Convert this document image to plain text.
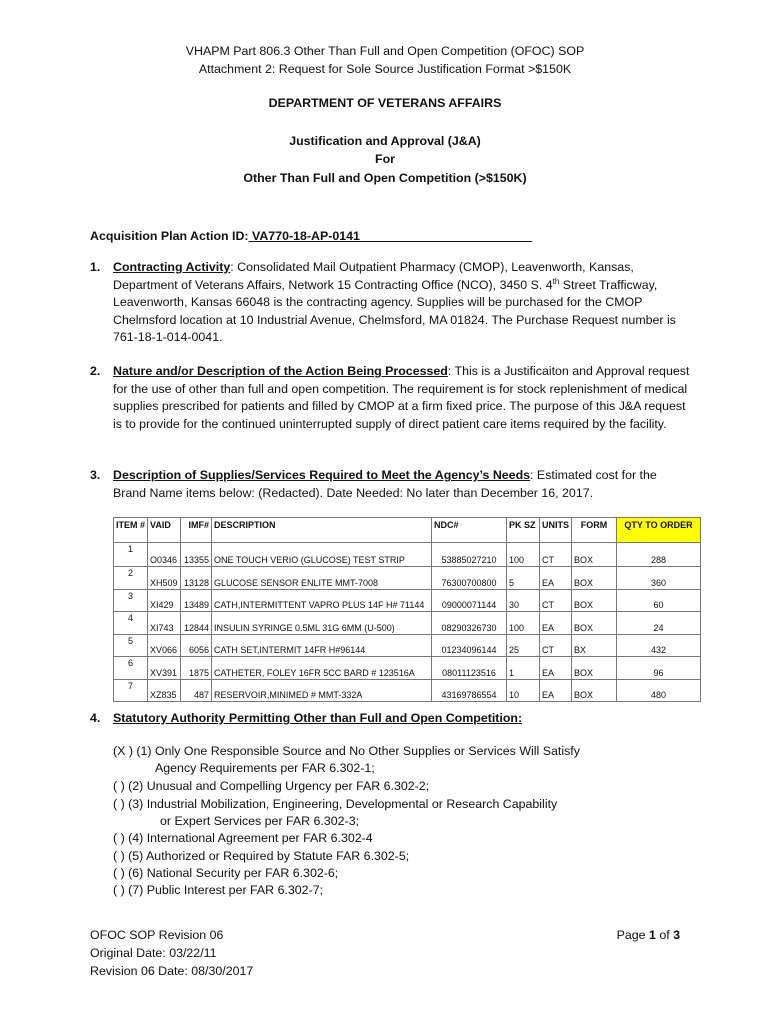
VHAPM Part 806.3 Other Than Full and Open Competition (OFOC) SOP
Attachment 2: Request for Sole Source Justification Format >$150K
DEPARTMENT OF VETERANS AFFAIRS
Justification and Approval (J&A)
For
Other Than Full and Open Competition (>$150K)
Acquisition Plan Action ID: VA770-18-AP-0141_________________________
1. Contracting Activity: Consolidated Mail Outpatient Pharmacy (CMOP), Leavenworth, Kansas, Department of Veterans Affairs, Network 15 Contracting Office (NCO), 3450 S. 4th Street Trafficway, Leavenworth, Kansas 66048 is the contracting agency. Supplies will be purchased for the CMOP Chelmsford location at 10 Industrial Avenue, Chelmsford, MA 01824. The Purchase Request number is 761-18-1-014-0041.
2. Nature and/or Description of the Action Being Processed: This is a Justificaiton and Approval request for the use of other than full and open competition. The requirement is for stock replenishment of medical supplies prescribed for patients and filled by CMOP at a firm fixed price. The purpose of this J&A request is to provide for the continued uninterrupted supply of direct patient care items required by the facility.
3. Description of Supplies/Services Required to Meet the Agency’s Needs: Estimated cost for the Brand Name items below: (Redacted). Date Needed: No later than December 16, 2017.
ITEM #	VAID	IMF#	DESCRIPTION	NDC#	PK SZ	UNITS	FORM	QTY TO ORDER
1	O0346	13355	ONE TOUCH VERIO (GLUCOSE) TEST STRIP	53885027210	100	CT	BOX	288
2	XH509	13128	GLUCOSE SENSOR ENLITE MMT-7008	76300700800	5	EA	BOX	360
3	XI429	13489	CATH,INTERMITTENT VAPRO PLUS 14F H# 71144	09000071144	30	CT	BOX	60
4	XI743	12844	INSULIN SYRINGE 0.5ML 31G 6MM (U-500)	08290326730	100	EA	BOX	24
5	XV066	6056	CATH SET,INTERMIT 14FR H#96144	01234096144	25	CT	BX	432
6	XV391	1875	CATHETER, FOLEY 16FR 5CC BARD # 123516A	08011123516	1	EA	BOX	96
7	XZ835	487	RESERVOIR,MINIMED # MMT-332A	43169786554	10	EA	BOX	480
4. Statutory Authority Permitting Other than Full and Open Competition:
(X ) (1) Only One Responsible Source and No Other Supplies or Services Will Satisfy
Agency Requirements per FAR 6.302-1;
( ) (2) Unusual and Compelling Urgency per FAR 6.302-2;
( ) (3) Industrial Mobilization, Engineering, Developmental or Research Capability
or Expert Services per FAR 6.302-3;
( ) (4) International Agreement per FAR 6.302-4
( ) (5) Authorized or Required by Statute FAR 6.302-5;
( ) (6) National Security per FAR 6.302-6;
( ) (7) Public Interest per FAR 6.302-7;
OFOC SOP Revision 06
Original Date: 03/22/11
Revision 06 Date: 08/30/2017
Page 1 of 3
